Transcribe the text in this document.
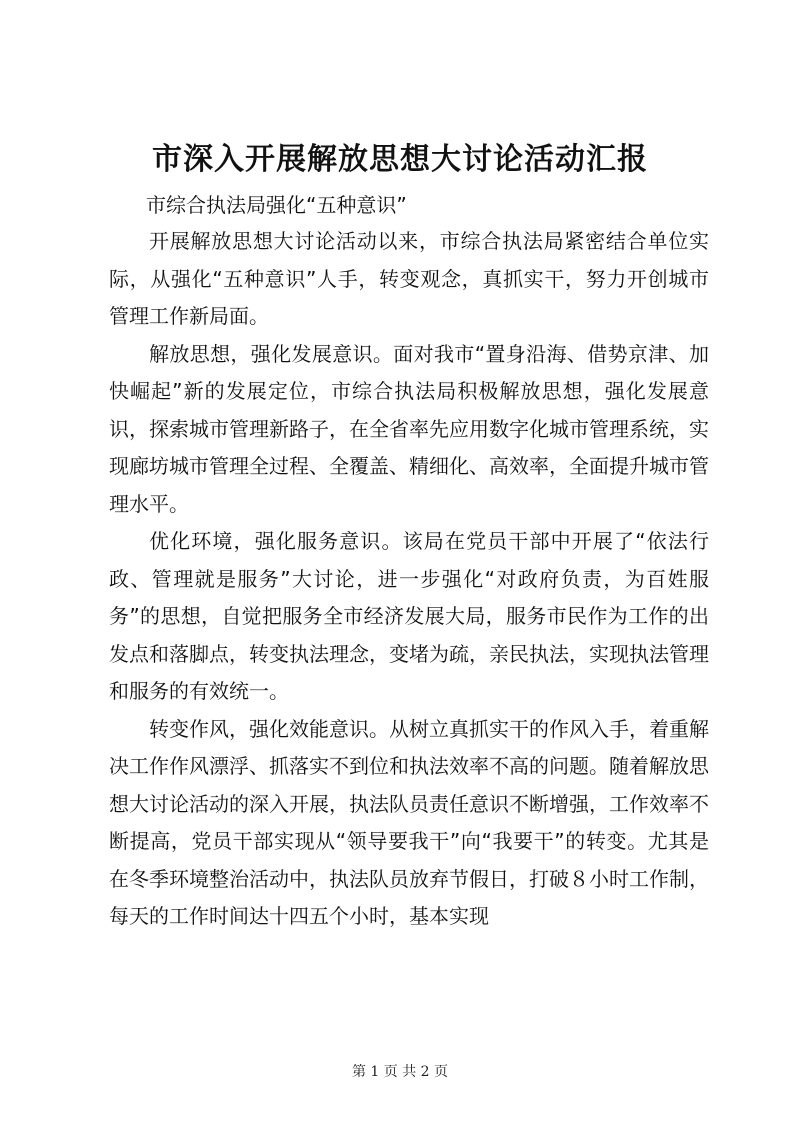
市深入开展解放思想大讨论活动汇报
市综合执法局强化“五种意识”

开展解放思想大讨论活动以来，市综合执法局紧密结合单位实际，从强化“五种意识”人手，转变观念，真抓实干，努力开创城市管理工作新局面。

解放思想，强化发展意识。面对我市“置身沿海、借势京津、加快崛起”新的发展定位，市综合执法局积极解放思想，强化发展意识，探索城市管理新路子，在全省率先应用数字化城市管理系统，实现廊坊城市管理全过程、全覆盖、精细化、高效率，全面提升城市管理水平。

优化环境，强化服务意识。该局在党员干部中开展了“依法行政、管理就是服务”大讨论，进一步强化“对政府负责，为百姓服务”的思想，自觉把服务全市经济发展大局，服务市民作为工作的出发点和落脚点，转变执法理念，变堵为疏，亲民执法，实现执法管理和服务的有效统一。

转变作风，强化效能意识。从树立真抓实干的作风入手，着重解决工作作风漂浮、抓落实不到位和执法效率不高的问题。随着解放思想大讨论活动的深入开展，执法队员责任意识不断增强，工作效率不断提高，党员干部实现从“领导要我干”向“我要干”的转变。尤其是在冬季环境整治活动中，执法队员放弃节假日，打破８小时工作制，每天的工作时间达十四五个小时，基本实现

第 1 页 共 2 页
